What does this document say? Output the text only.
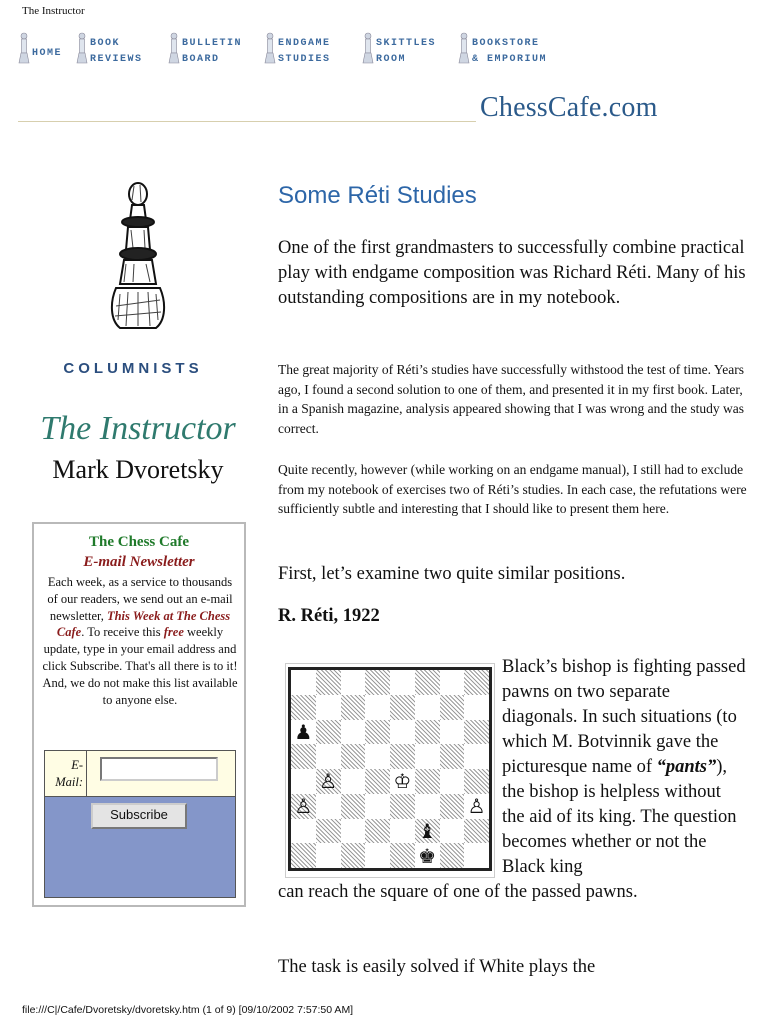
The Instructor
HOME
BOOK
REVIEWS
BULLETIN
BOARD
ENDGAME
STUDIES
SKITTLES
ROOM
BOOKSTORE
& EMPORIUM
ChessCafe.com
COLUMNISTS
The Instructor
Mark Dvoretsky
The Chess Cafe
E-mail Newsletter
Each week, as a service to thousands of our readers, we send out an e-mail newsletter, This Week at The Chess Cafe. To receive this free weekly update, type in your email address and click Subscribe. That's all there is to it! And, we do not make this list available to anyone else.
E-Mail:
Subscribe
Some Réti Studies
One of the first grandmasters to successfully combine practical play with endgame composition was Richard Réti. Many of his outstanding compositions are in my notebook.
The great majority of Réti’s studies have successfully withstood the test of time. Years ago, I found a second solution to one of them, and presented it in my first book. Later, in a Spanish magazine, analysis appeared showing that I was wrong and the study was correct.
Quite recently, however (while working on an endgame manual), I still had to exclude from my notebook of exercises two of Réti’s studies. In each case, the refutations were sufficiently subtle and interesting that I should like to present them here.
First, let’s examine two quite similar positions.
R. Réti, 1922
♟
♙
♙
♔
♙
♝
♚
Black’s bishop is fighting passed pawns on two separate diagonals. In such situations (to which M. Botvinnik gave the picturesque name of “pants”), the bishop is helpless without the aid of its king. The question becomes whether or not the Black king
can reach the square of one of the passed pawns.
The task is easily solved if White plays the
file:///C|/Cafe/Dvoretsky/dvoretsky.htm (1 of 9) [09/10/2002 7:57:50 AM]
